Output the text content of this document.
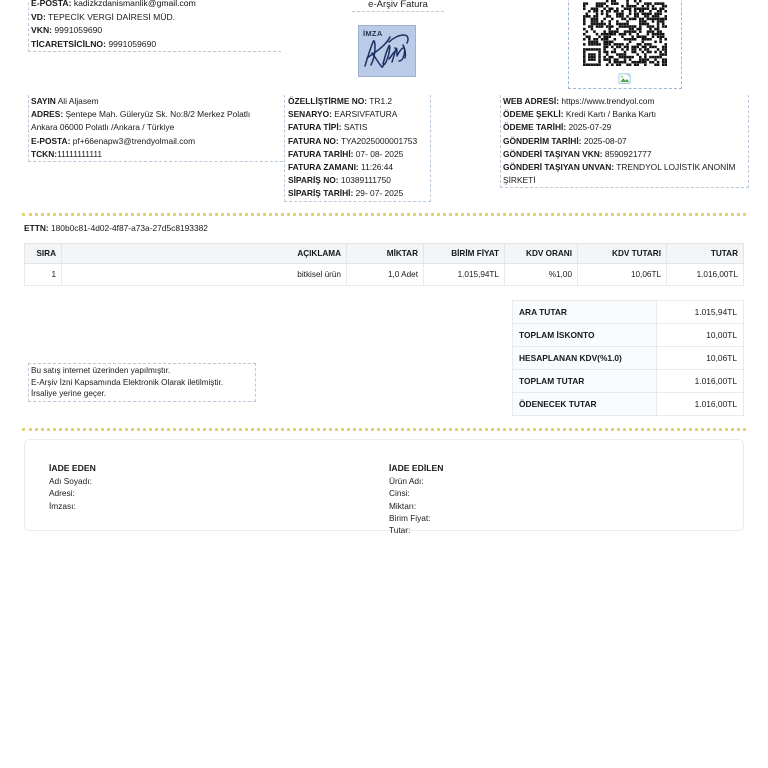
E-POSTA: kadizkzdanismanlik@gmail.com
VD: TEPECİK VERGİ DAİRESİ MÜD.
VKN: 9991059690
TİCARETSİCİLNO: 9991059690
e-Arşiv Fatura
İMZA
SAYIN Ali Aljasem
ADRES: Şentepe Mah. Güleryüz Sk. No:8/2 Merkez Polatlı
Ankara 06000 Polatlı /Ankara / Türkiye
E-POSTA: pf+66enapw3@trendyolmail.com
TCKN:11111111111
ÖZELLİŞTİRME NO: TR1.2
SENARYO: EARSIVFATURA
FATURA TİPİ: SATIS
FATURA NO: TYA2025000001753
FATURA TARİHİ: 07- 08- 2025
FATURA ZAMANI: 11:26:44
SİPARİŞ NO: 10389111750
SİPARİŞ TARİHİ: 29- 07- 2025
WEB ADRESİ: https://www.trendyol.com
ÖDEME ŞEKLİ: Kredi Kartı / Banka Kartı
ÖDEME TARİHİ: 2025-07-29
GÖNDERİM TARİHİ: 2025-08-07
GÖNDERİ TAŞIYAN VKN: 8590921777
GÖNDERİ TAŞIYAN UNVAN: TRENDYOL LOJİSTİK ANONİM ŞİRKETİ
ETTN: 180b0c81-4d02-4f87-a73a-27d5c8193382
SIRA	AÇIKLAMA	MİKTAR	BİRİM FİYAT	KDV ORANI	KDV TUTARI	TUTAR
1	bitkisel ürün	1,0 Adet	1.015,94TL	%1,00	10,06TL	1.016,00TL
ARA TUTAR	1.015,94TL
TOPLAM İSKONTO	10,00TL
HESAPLANAN KDV(%1.0)	10,06TL
TOPLAM TUTAR	1.016,00TL
ÖDENECEK TUTAR	1.016,00TL
Bu satış internet üzerinden yapılmıştır.
E-Arşiv İzni Kapsamında Elektronik Olarak iletilmiştir.
İrsaliye yerine geçer.
İADE EDEN
Adı Soyadı:
Adresi:
İmzası:
İADE EDİLEN
Ürün Adı:
Cinsi:
Miktarı:
Birim Fiyat:
Tutar:
